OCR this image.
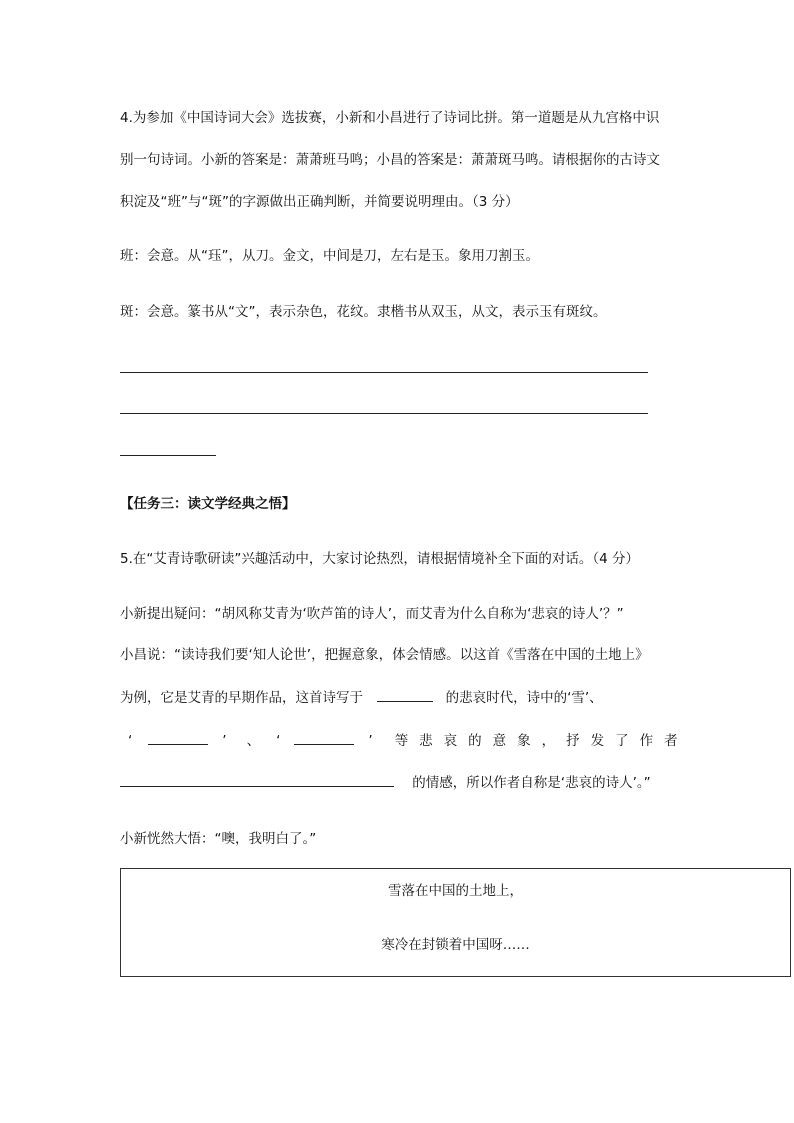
4.为参加《中国诗词大会》选拔赛，小新和小昌进行了诗词比拼。第一道题是从九宫格中识
别一句诗词。小新的答案是：萧萧班马鸣；小昌的答案是：萧萧斑马鸣。请根据你的古诗文
积淀及“班”与“斑”的字源做出正确判断，并简要说明理由。（3 分）
班：会意。从“珏”，从刀。金文，中间是刀，左右是玉。象用刀割玉。
斑：会意。篆书从“文”，表示杂色，花纹。隶楷书从双玉，从文，表示玉有斑纹。
【任务三：读文学经典之悟】
5.在“艾青诗歌研读”兴趣活动中，大家讨论热烈，请根据情境补全下面的对话。（4 分）
小新提出疑问：“胡风称艾青为‘吹芦笛的诗人’，而艾青为什么自称为‘悲哀的诗人’？”
小昌说：“读诗我们要‘知人论世’，把握意象，体会情感。以这首《雪落在中国的土地上》
为例，它是艾青的早期作品，这首诗写于	的悲哀时代，诗中的‘雪’、
‘	’ 、 ‘	’ 等悲哀的意象，抒发了作者
的情感，所以作者自称是‘悲哀的诗人’。”
小新恍然大悟：“噢，我明白了。”
雪落在中国的土地上，
寒冷在封锁着中国呀……
